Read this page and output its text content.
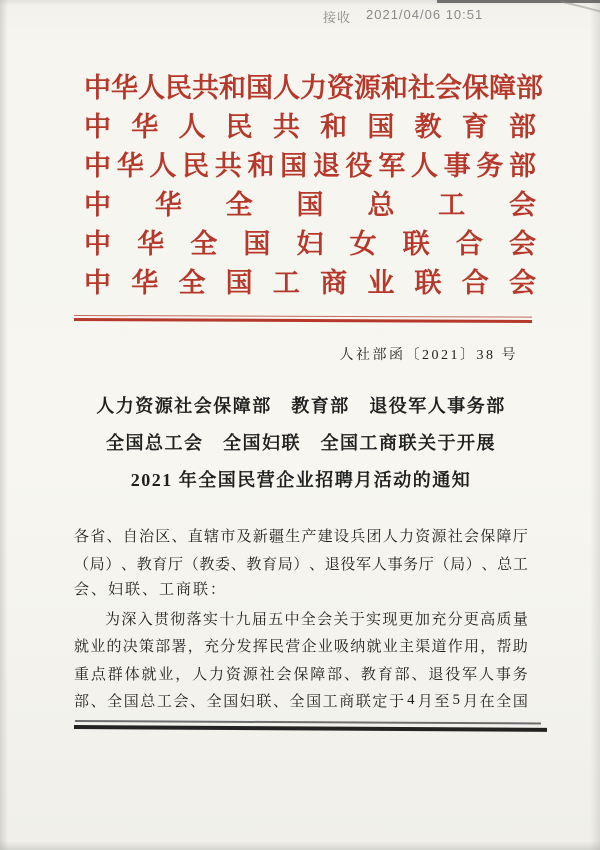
接收 2021/04/06 10:51
中 华 人 民 共 和 国 人 力 资 源 和 社 会 保 障 部
中 华 人 民 共 和 国 教 育 部
中 华 人 民 共 和 国 退 役 军 人 事 务 部
中 华 全 国 总 工 会
中 华 全 国 妇 女 联 合 会
中 华 全 国 工 商 业 联 合 会
人社部函〔2021〕38 号
人力资源社会保障部　教育部　退役军人事务部
全国总工会　全国妇联　全国工商联关于开展
2021 年全国民营企业招聘月活动的通知
各 省 、 自 治 区 、 直 辖 市 及 新 疆 生 产 建 设 兵 团 人 力 资 源 社 会 保 障 厅
（ 局 ） 、 教 育 厅 （ 教 委 、 教 育 局 ） 、 退 役 军 人 事 务 厅 （ 局 ） 、 总 工
会、妇联、工商联：
为 深 入 贯 彻 落 实 十 九 届 五 中 全 会 关 于 实 现 更 加 充 分 更 高 质 量
就 业 的 决 策 部 署 ， 充 分 发 挥 民 营 企 业 吸 纳 就 业 主 渠 道 作 用 ， 帮 助
重 点 群 体 就 业 ， 人 力 资 源 社 会 保 障 部 、 教 育 部 、 退 役 军 人 事 务
部 、 全 国 总 工 会 、 全 国 妇 联 、 全 国 工 商 联 定 于 4 月 至 5 月 在 全 国
